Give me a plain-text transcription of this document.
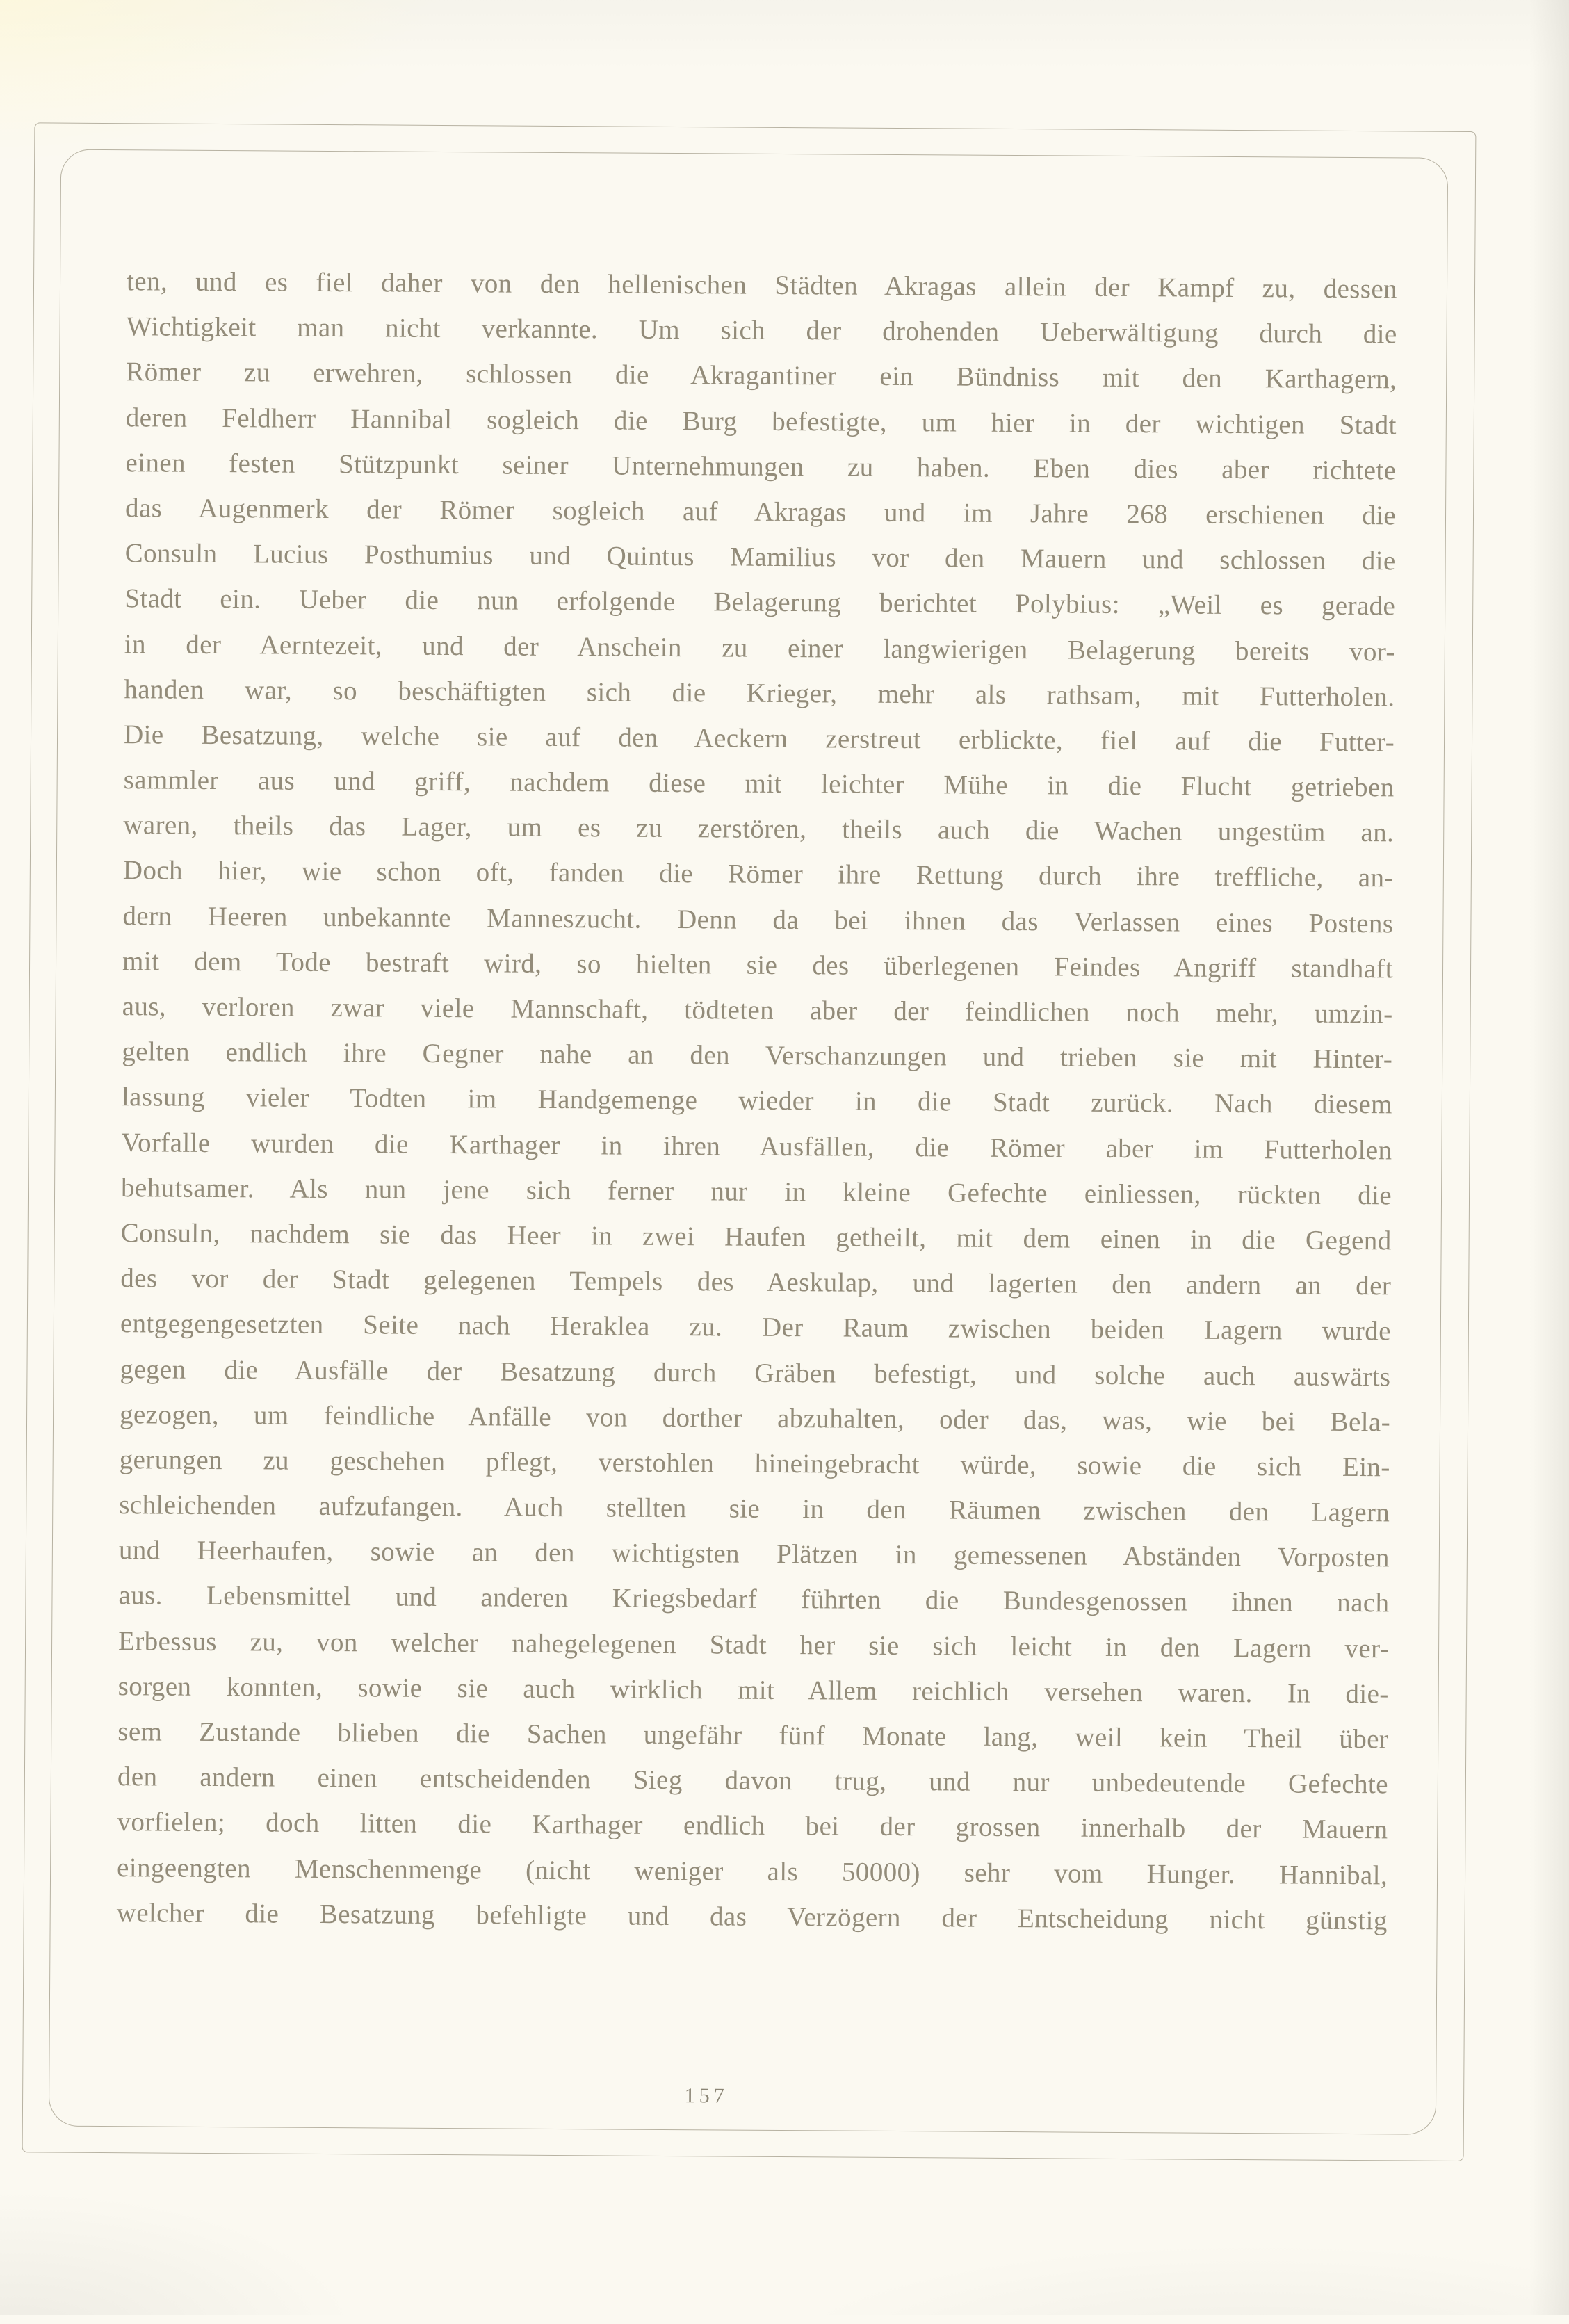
ten, und es fiel daher von den hellenischen Städten Akragas allein der Kampf zu, dessen
Wichtigkeit man nicht verkannte. Um sich der drohenden Ueberwältigung durch die
Römer zu erwehren, schlossen die Akragantiner ein Bündniss mit den Karthagern,
deren Feldherr Hannibal sogleich die Burg befestigte, um hier in der wichtigen Stadt
einen festen Stützpunkt seiner Unternehmungen zu haben. Eben dies aber richtete
das Augenmerk der Römer sogleich auf Akragas und im Jahre 268 erschienen die
Consuln Lucius Posthumius und Quintus Mamilius vor den Mauern und schlossen die
Stadt ein. Ueber die nun erfolgende Belagerung berichtet Polybius: „Weil es gerade
in der Aerntezeit, und der Anschein zu einer langwierigen Belagerung bereits vor-
handen war, so beschäftigten sich die Krieger, mehr als rathsam, mit Futterholen.
Die Besatzung, welche sie auf den Aeckern zerstreut erblickte, fiel auf die Futter-
sammler aus und griff, nachdem diese mit leichter Mühe in die Flucht getrieben
waren, theils das Lager, um es zu zerstören, theils auch die Wachen ungestüm an.
Doch hier, wie schon oft, fanden die Römer ihre Rettung durch ihre treffliche, an-
dern Heeren unbekannte Manneszucht. Denn da bei ihnen das Verlassen eines Postens
mit dem Tode bestraft wird, so hielten sie des überlegenen Feindes Angriff standhaft
aus, verloren zwar viele Mannschaft, tödteten aber der feindlichen noch mehr, umzin-
gelten endlich ihre Gegner nahe an den Verschanzungen und trieben sie mit Hinter-
lassung vieler Todten im Handgemenge wieder in die Stadt zurück. Nach diesem
Vorfalle wurden die Karthager in ihren Ausfällen, die Römer aber im Futterholen
behutsamer. Als nun jene sich ferner nur in kleine Gefechte einliessen, rückten die
Consuln, nachdem sie das Heer in zwei Haufen getheilt, mit dem einen in die Gegend
des vor der Stadt gelegenen Tempels des Aeskulap, und lagerten den andern an der
entgegengesetzten Seite nach Heraklea zu. Der Raum zwischen beiden Lagern wurde
gegen die Ausfälle der Besatzung durch Gräben befestigt, und solche auch auswärts
gezogen, um feindliche Anfälle von dorther abzuhalten, oder das, was, wie bei Bela-
gerungen zu geschehen pflegt, verstohlen hineingebracht würde, sowie die sich Ein-
schleichenden aufzufangen. Auch stellten sie in den Räumen zwischen den Lagern
und Heerhaufen, sowie an den wichtigsten Plätzen in gemessenen Abständen Vorposten
aus. Lebensmittel und anderen Kriegsbedarf führten die Bundesgenossen ihnen nach
Erbessus zu, von welcher nahegelegenen Stadt her sie sich leicht in den Lagern ver-
sorgen konnten, sowie sie auch wirklich mit Allem reichlich versehen waren. In die-
sem Zustande blieben die Sachen ungefähr fünf Monate lang, weil kein Theil über
den andern einen entscheidenden Sieg davon trug, und nur unbedeutende Gefechte
vorfielen; doch litten die Karthager endlich bei der grossen innerhalb der Mauern
eingeengten Menschenmenge (nicht weniger als 50000) sehr vom Hunger. Hannibal,
welcher die Besatzung befehligte und das Verzögern der Entscheidung nicht günstig
157
